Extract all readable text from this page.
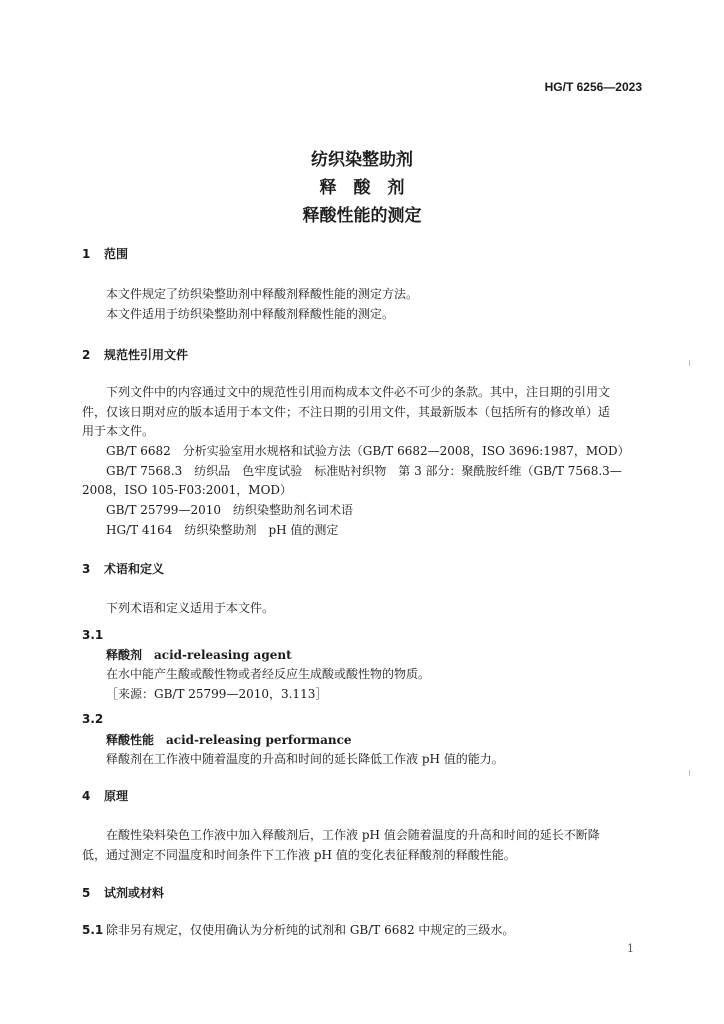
HG/T 6256—2023
纺织染整助剂
释　酸　剂
释酸性能的测定
1 范围
本文件规定了纺织染整助剂中释酸剂释酸性能的测定方法。
本文件适用于纺织染整助剂中释酸剂释酸性能的测定。
2 规范性引用文件
下列文件中的内容通过文中的规范性引用而构成本文件必不可少的条款。其中，注日期的引用文
件，仅该日期对应的版本适用于本文件；不注日期的引用文件，其最新版本（包括所有的修改单）适
用于本文件。
GB/T 6682　分析实验室用水规格和试验方法（GB/T 6682—2008，ISO 3696:1987，MOD）
GB/T 7568.3　纺织品　色牢度试验　标准贴衬织物　第 3 部分：聚酰胺纤维（GB/T 7568.3—
2008，ISO 105-F03:2001，MOD）
GB/T 25799—2010　纺织染整助剂名词术语
HG/T 4164　纺织染整助剂　pH 值的测定
3 术语和定义
下列术语和定义适用于本文件。
3.1
释酸剂　acid-releasing agent
在水中能产生酸或酸性物或者经反应生成酸或酸性物的物质。
［来源：GB/T 25799—2010，3.113］
3.2
释酸性能　acid-releasing performance
释酸剂在工作液中随着温度的升高和时间的延长降低工作液 pH 值的能力。
4 原理
在酸性染料染色工作液中加入释酸剂后，工作液 pH 值会随着温度的升高和时间的延长不断降
低，通过测定不同温度和时间条件下工作液 pH 值的变化表征释酸剂的释酸性能。
5 试剂或材料
5.1 除非另有规定，仅使用确认为分析纯的试剂和 GB/T 6682 中规定的三级水。
1
